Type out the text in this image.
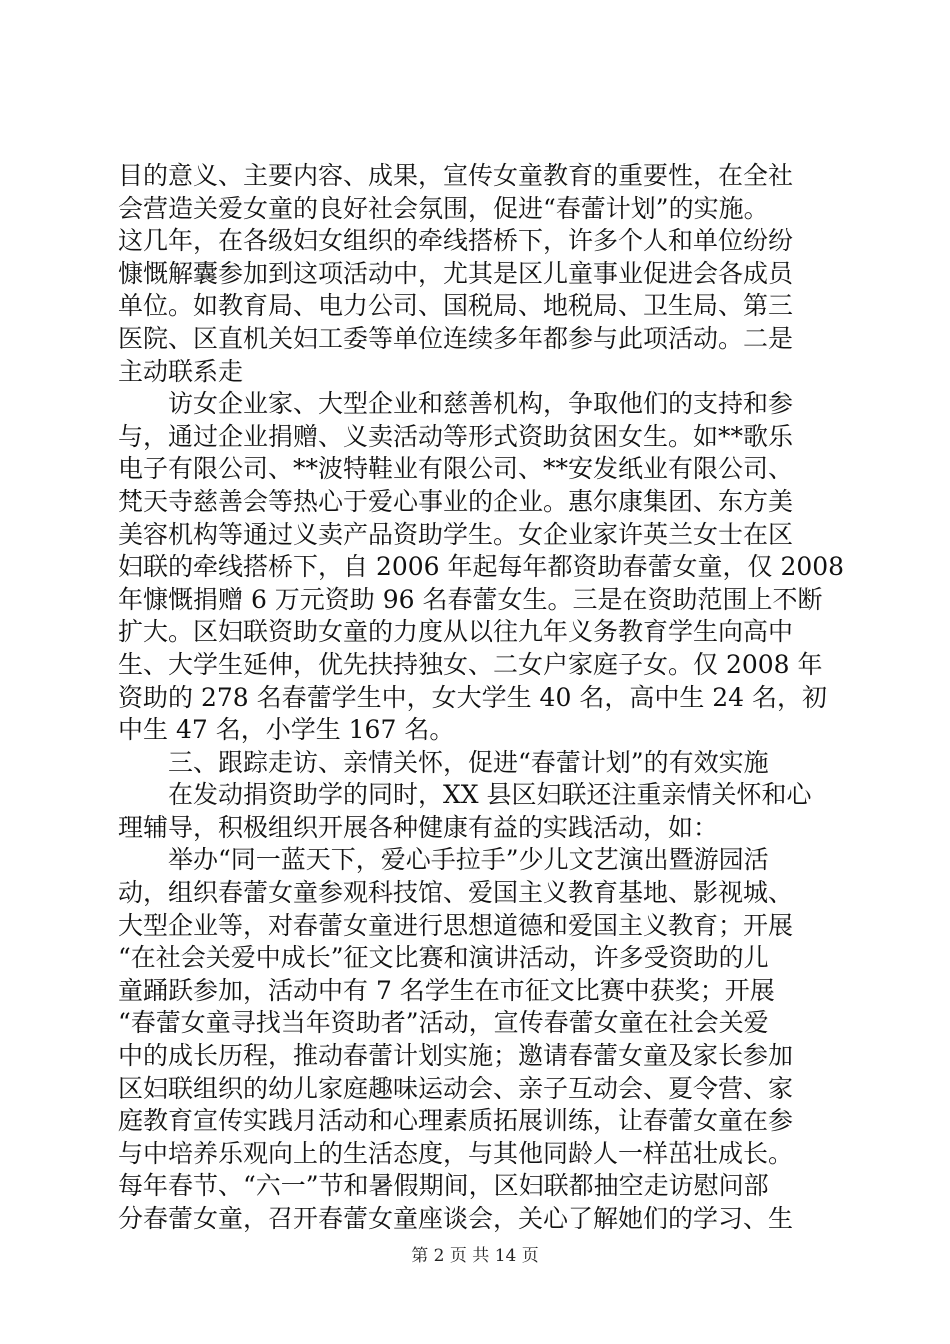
目的意义、主要内容、成果，宣传女童教育的重要性，在全社
会营造关爱女童的良好社会氛围，促进“春蕾计划”的实施。
这几年，在各级妇女组织的牵线搭桥下，许多个人和单位纷纷
慷慨解囊参加到这项活动中，尤其是区儿童事业促进会各成员
单位。如教育局、电力公司、国税局、地税局、卫生局、第三
医院、区直机关妇工委等单位连续多年都参与此项活动。二是
主动联系走
　　访女企业家、大型企业和慈善机构，争取他们的支持和参
与，通过企业捐赠、义卖活动等形式资助贫困女生。如**歌乐
电子有限公司、**波特鞋业有限公司、**安发纸业有限公司、
梵天寺慈善会等热心于爱心事业的企业。惠尔康集团、东方美
美容机构等通过义卖产品资助学生。女企业家许英兰女士在区
妇联的牵线搭桥下，自 2006 年起每年都资助春蕾女童，仅 2008
年慷慨捐赠 6 万元资助 96 名春蕾女生。三是在资助范围上不断
扩大。区妇联资助女童的力度从以往九年义务教育学生向高中
生、大学生延伸，优先扶持独女、二女户家庭子女。仅 2008 年
资助的 278 名春蕾学生中，女大学生 40 名，高中生 24 名，初
中生 47 名，小学生 167 名。
　　三、跟踪走访、亲情关怀，促进“春蕾计划”的有效实施
　　在发动捐资助学的同时，XX 县区妇联还注重亲情关怀和心
理辅导，积极组织开展各种健康有益的实践活动，如：
　　举办“同一蓝天下，爱心手拉手”少儿文艺演出暨游园活
动，组织春蕾女童参观科技馆、爱国主义教育基地、影视城、
大型企业等，对春蕾女童进行思想道德和爱国主义教育；开展
“在社会关爱中成长”征文比赛和演讲活动，许多受资助的儿
童踊跃参加，活动中有 7 名学生在市征文比赛中获奖；开展
“春蕾女童寻找当年资助者”活动，宣传春蕾女童在社会关爱
中的成长历程，推动春蕾计划实施；邀请春蕾女童及家长参加
区妇联组织的幼儿家庭趣味运动会、亲子互动会、夏令营、家
庭教育宣传实践月活动和心理素质拓展训练，让春蕾女童在参
与中培养乐观向上的生活态度，与其他同龄人一样茁壮成长。
每年春节、“六一”节和暑假期间，区妇联都抽空走访慰问部
分春蕾女童，召开春蕾女童座谈会，关心了解她们的学习、生
第 2 页 共 14 页
